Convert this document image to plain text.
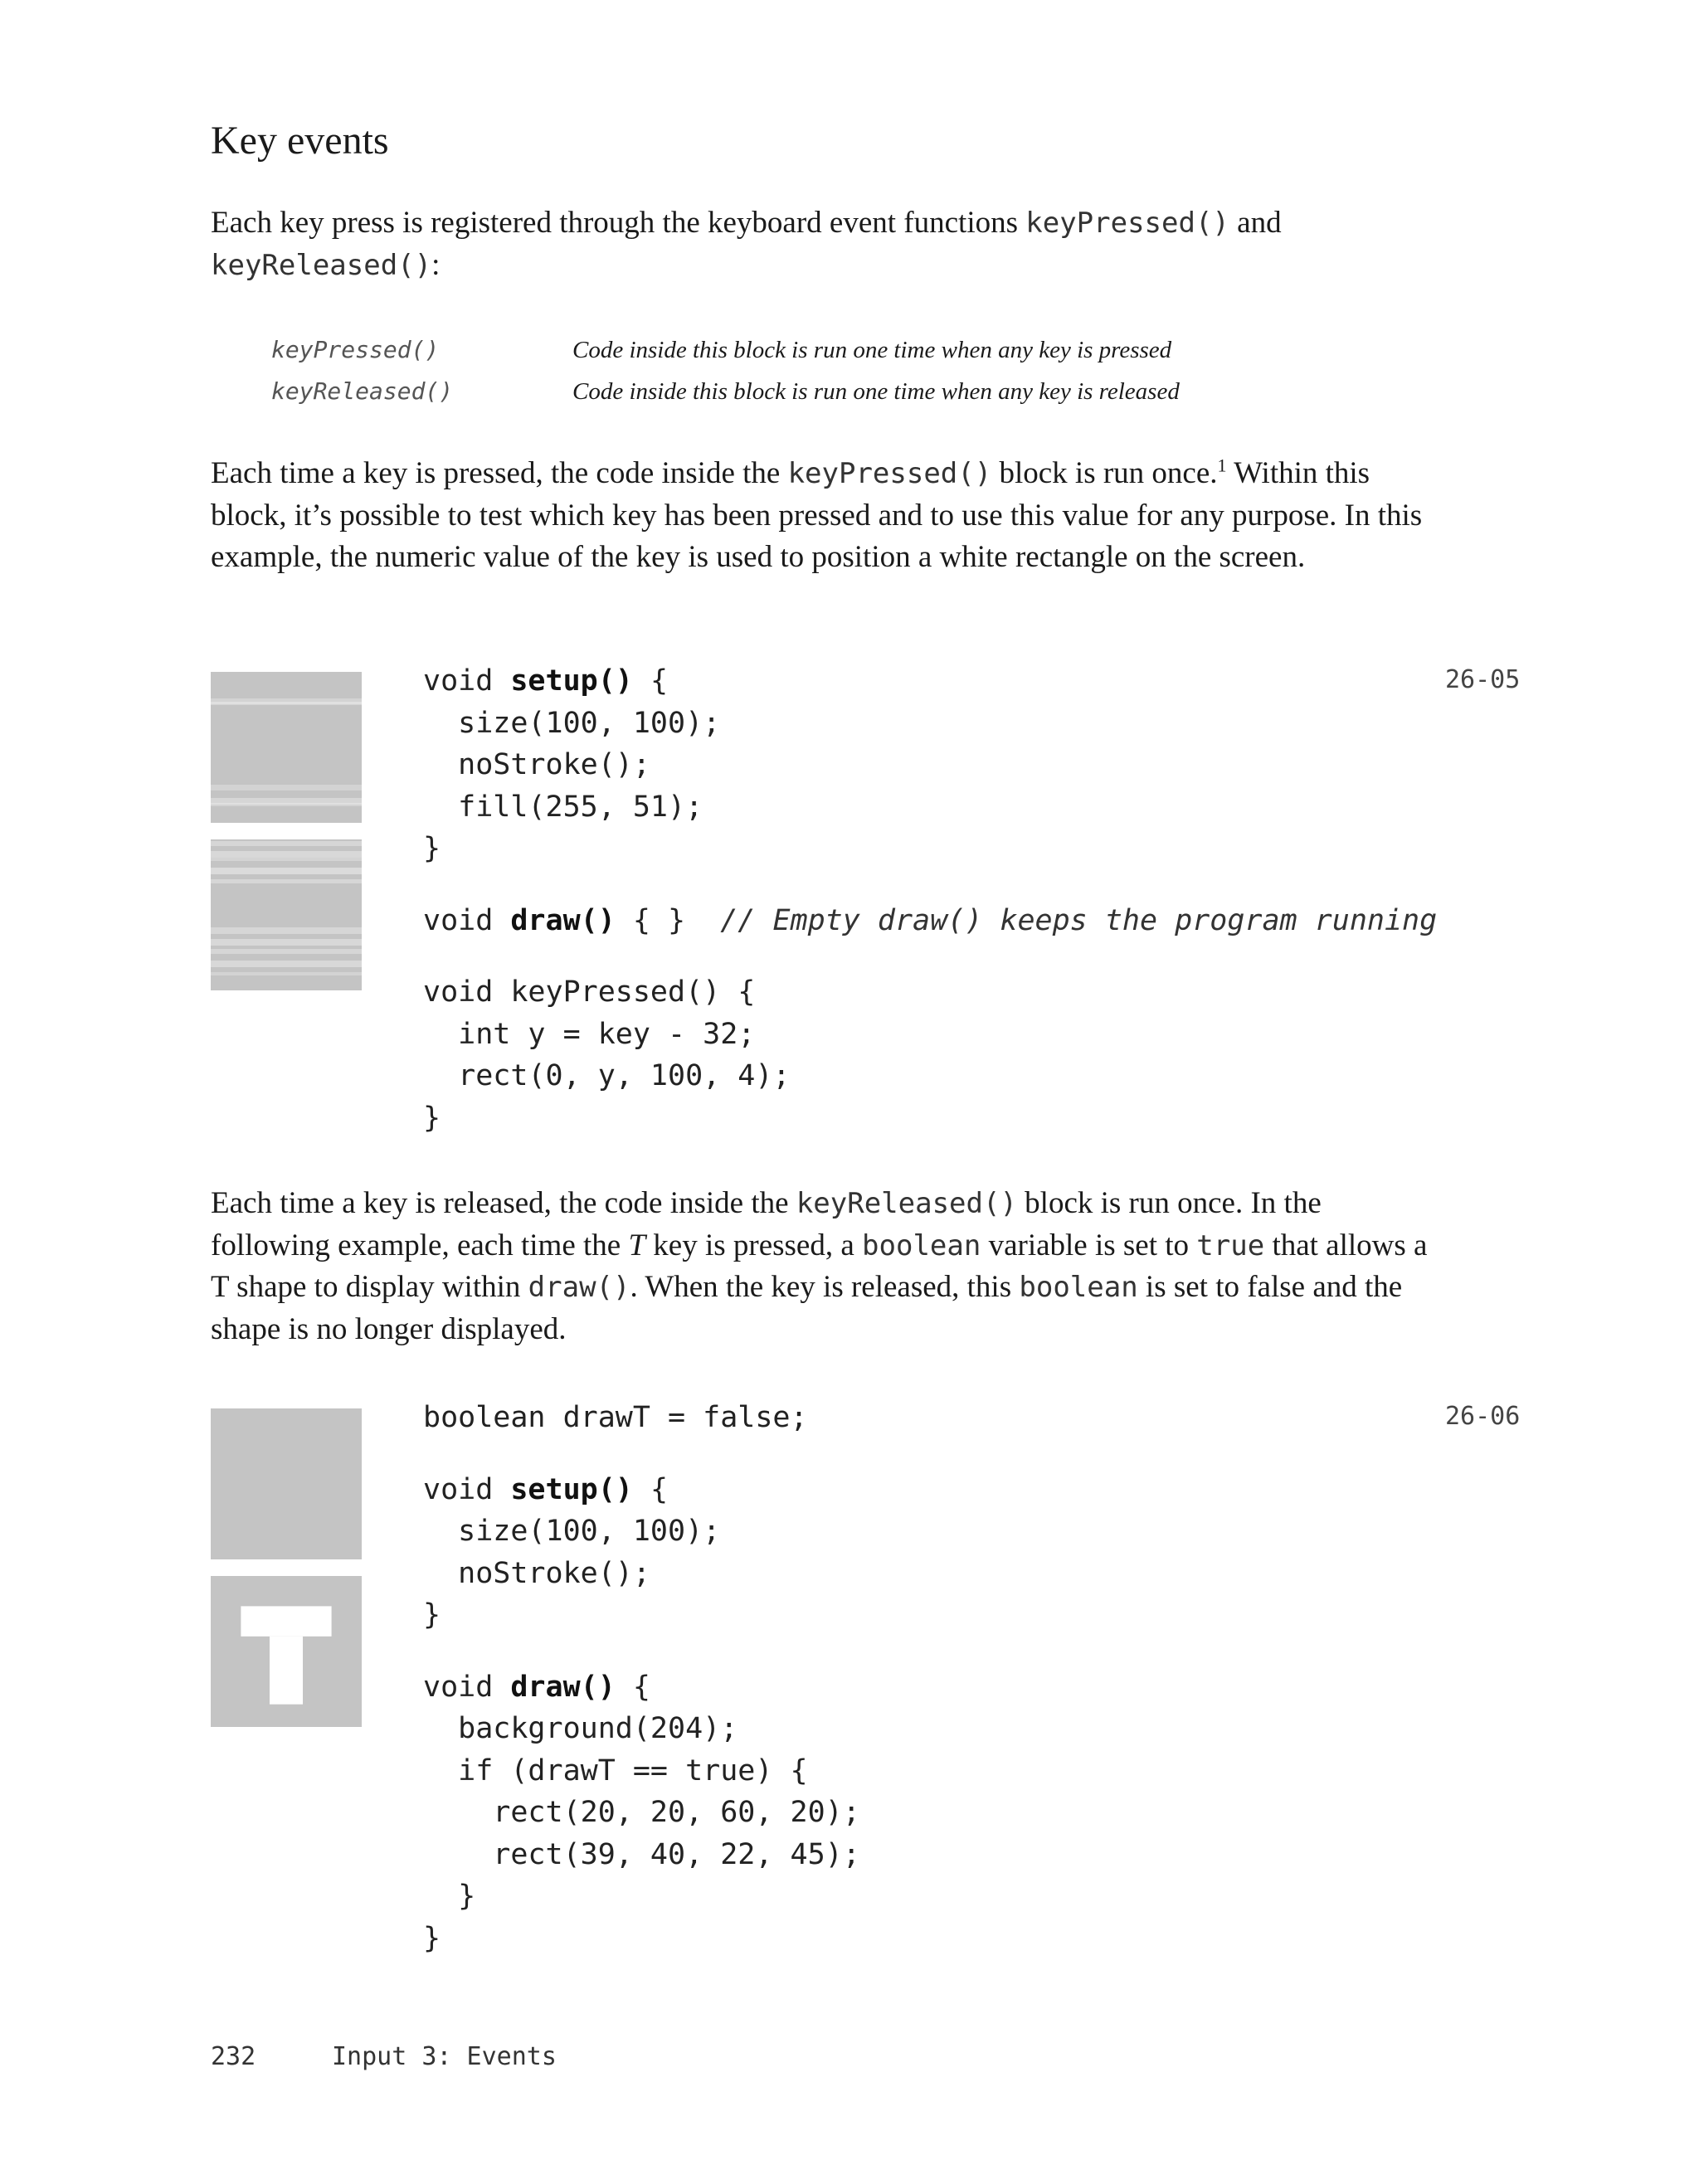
Key events
Each key press is registered through the keyboard event functions keyPressed() and
keyReleased():
keyPressed()	Code inside this block is run one time when any key is pressed
keyReleased()	Code inside this block is run one time when any key is released
Each time a key is pressed, the code inside the keyPressed() block is run once.$^1$ Within this block, it’s possible to test which key has been pressed and to use this value for any purpose. In this example, the numeric value of the key is used to position a white rectangle on the screen.
void setup() {
size(100, 100);
noStroke();
fill(255, 51);
}
void draw() { }  // Empty draw() keeps the program running
void keyPressed() {
int y = key - 32;
rect(0, y, 100, 4);
}
26-05
Each time a key is released, the code inside the keyReleased() block is run once. In the following example, each time the T key is pressed, a boolean variable is set to true that allows a T shape to display within draw(). When the key is released, this boolean is set to false and the shape is no longer displayed.
boolean drawT = false;
void setup() {
size(100, 100);
noStroke();
}
void draw() {
background(204);
if (drawT == true) {
rect(20, 20, 60, 20);
rect(39, 40, 22, 45);
}
}
26-06
232	Input 3: Events
